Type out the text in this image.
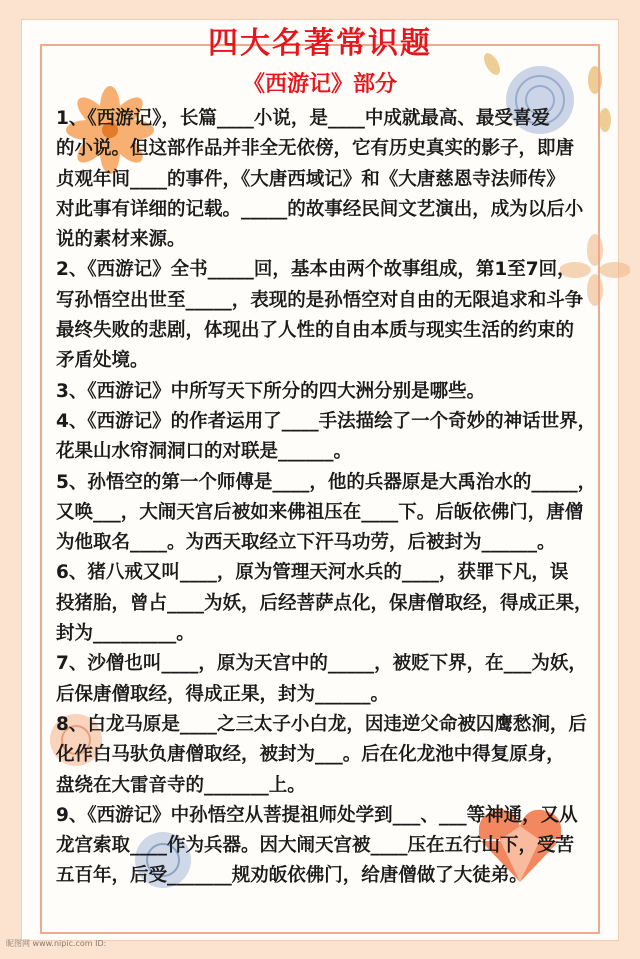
四大名著常识题
《西游记》部分

1、《西游记》，长篇____小说，是____中成就最高、最受喜爱

的小说。但这部作品并非全无依傍，它有历史真实的影子，即唐

贞观年间____的事件，《大唐西域记》和《大唐慈恩寺法师传》

对此事有详细的记载。_____的故事经民间文艺演出，成为以后小

说的素材来源。

2、《西游记》全书_____回，基本由两个故事组成，第1至7回，

写孙悟空出世至_____，表现的是孙悟空对自由的无限追求和斗争

最终失败的悲剧，体现出了人性的自由本质与现实生活的约束的

矛盾处境。

3、《西游记》中所写天下所分的四大洲分别是哪些。

4、《西游记》的作者运用了____手法描绘了一个奇妙的神话世界，

花果山水帘洞洞口的对联是______。

5、孙悟空的第一个师傅是____，他的兵器原是大禹治水的_____，

又唤___，大闹天宫后被如来佛祖压在____下。后皈依佛门，唐僧

为他取名____。为西天取经立下汗马功劳，后被封为______。

6、猪八戒又叫____，原为管理天河水兵的____，获罪下凡，误

投猪胎，曾占____为妖，后经菩萨点化，保唐僧取经，得成正果，

封为_________。

7、沙僧也叫____，原为天宫中的_____，被贬下界，在___为妖，

后保唐僧取经，得成正果，封为______。

8、白龙马原是____之三太子小白龙，因违逆父命被囚鹰愁涧，后

化作白马驮负唐僧取经，被封为___。后在化龙池中得复原身，

盘绕在大雷音寺的_______上。

9、《西游记》中孙悟空从菩提祖师处学到___、___等神通，又从

龙宫索取____作为兵器。因大闹天宫被____压在五行山下，受苦

五百年，后受_______规劝皈依佛门，给唐僧做了大徒弟。

昵图网 www.nipic.com ID:
